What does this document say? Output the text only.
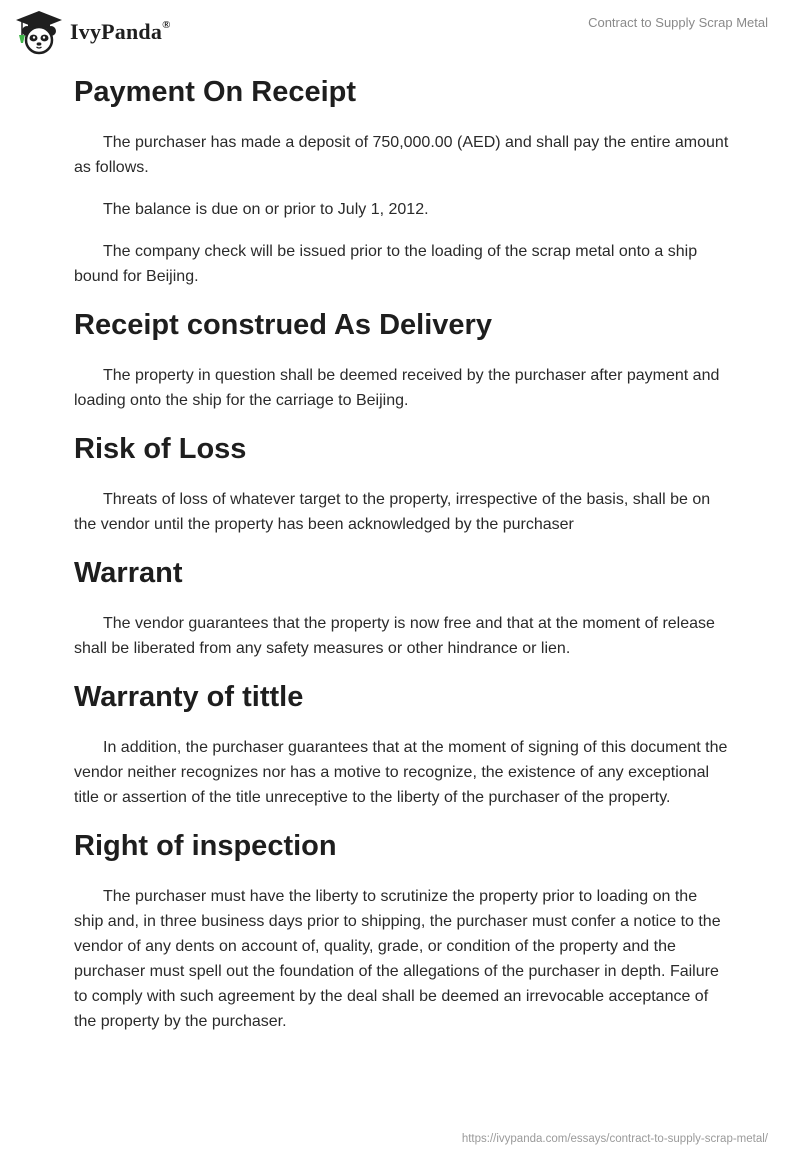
IvyPanda®	Contract to Supply Scrap Metal
Payment On Receipt

The purchaser has made a deposit of 750,000.00 (AED) and shall pay the entire amount as follows.

The balance is due on or prior to July 1, 2012.

The company check will be issued prior to the loading of the scrap metal onto a ship bound for Beijing.

Receipt construed As Delivery

The property in question shall be deemed received by the purchaser after payment and loading onto the ship for the carriage to Beijing.

Risk of Loss

Threats of loss of whatever target to the property, irrespective of the basis, shall be on the vendor until the property has been acknowledged by the purchaser

Warrant

The vendor guarantees that the property is now free and that at the moment of release shall be liberated from any safety measures or other hindrance or lien.

Warranty of tittle

In addition, the purchaser guarantees that at the moment of signing of this document the vendor neither recognizes nor has a motive to recognize, the existence of any exceptional title or assertion of the title unreceptive to the liberty of the purchaser of the property.

Right of inspection

The purchaser must have the liberty to scrutinize the property prior to loading on the ship and, in three business days prior to shipping, the purchaser must confer a notice to the vendor of any dents on account of, quality, grade, or condition of the property and the purchaser must spell out the foundation of the allegations of the purchaser in depth. Failure to comply with such agreement by the deal shall be deemed an irrevocable acceptance of the property by the purchaser.

https://ivypanda.com/essays/contract-to-supply-scrap-metal/
